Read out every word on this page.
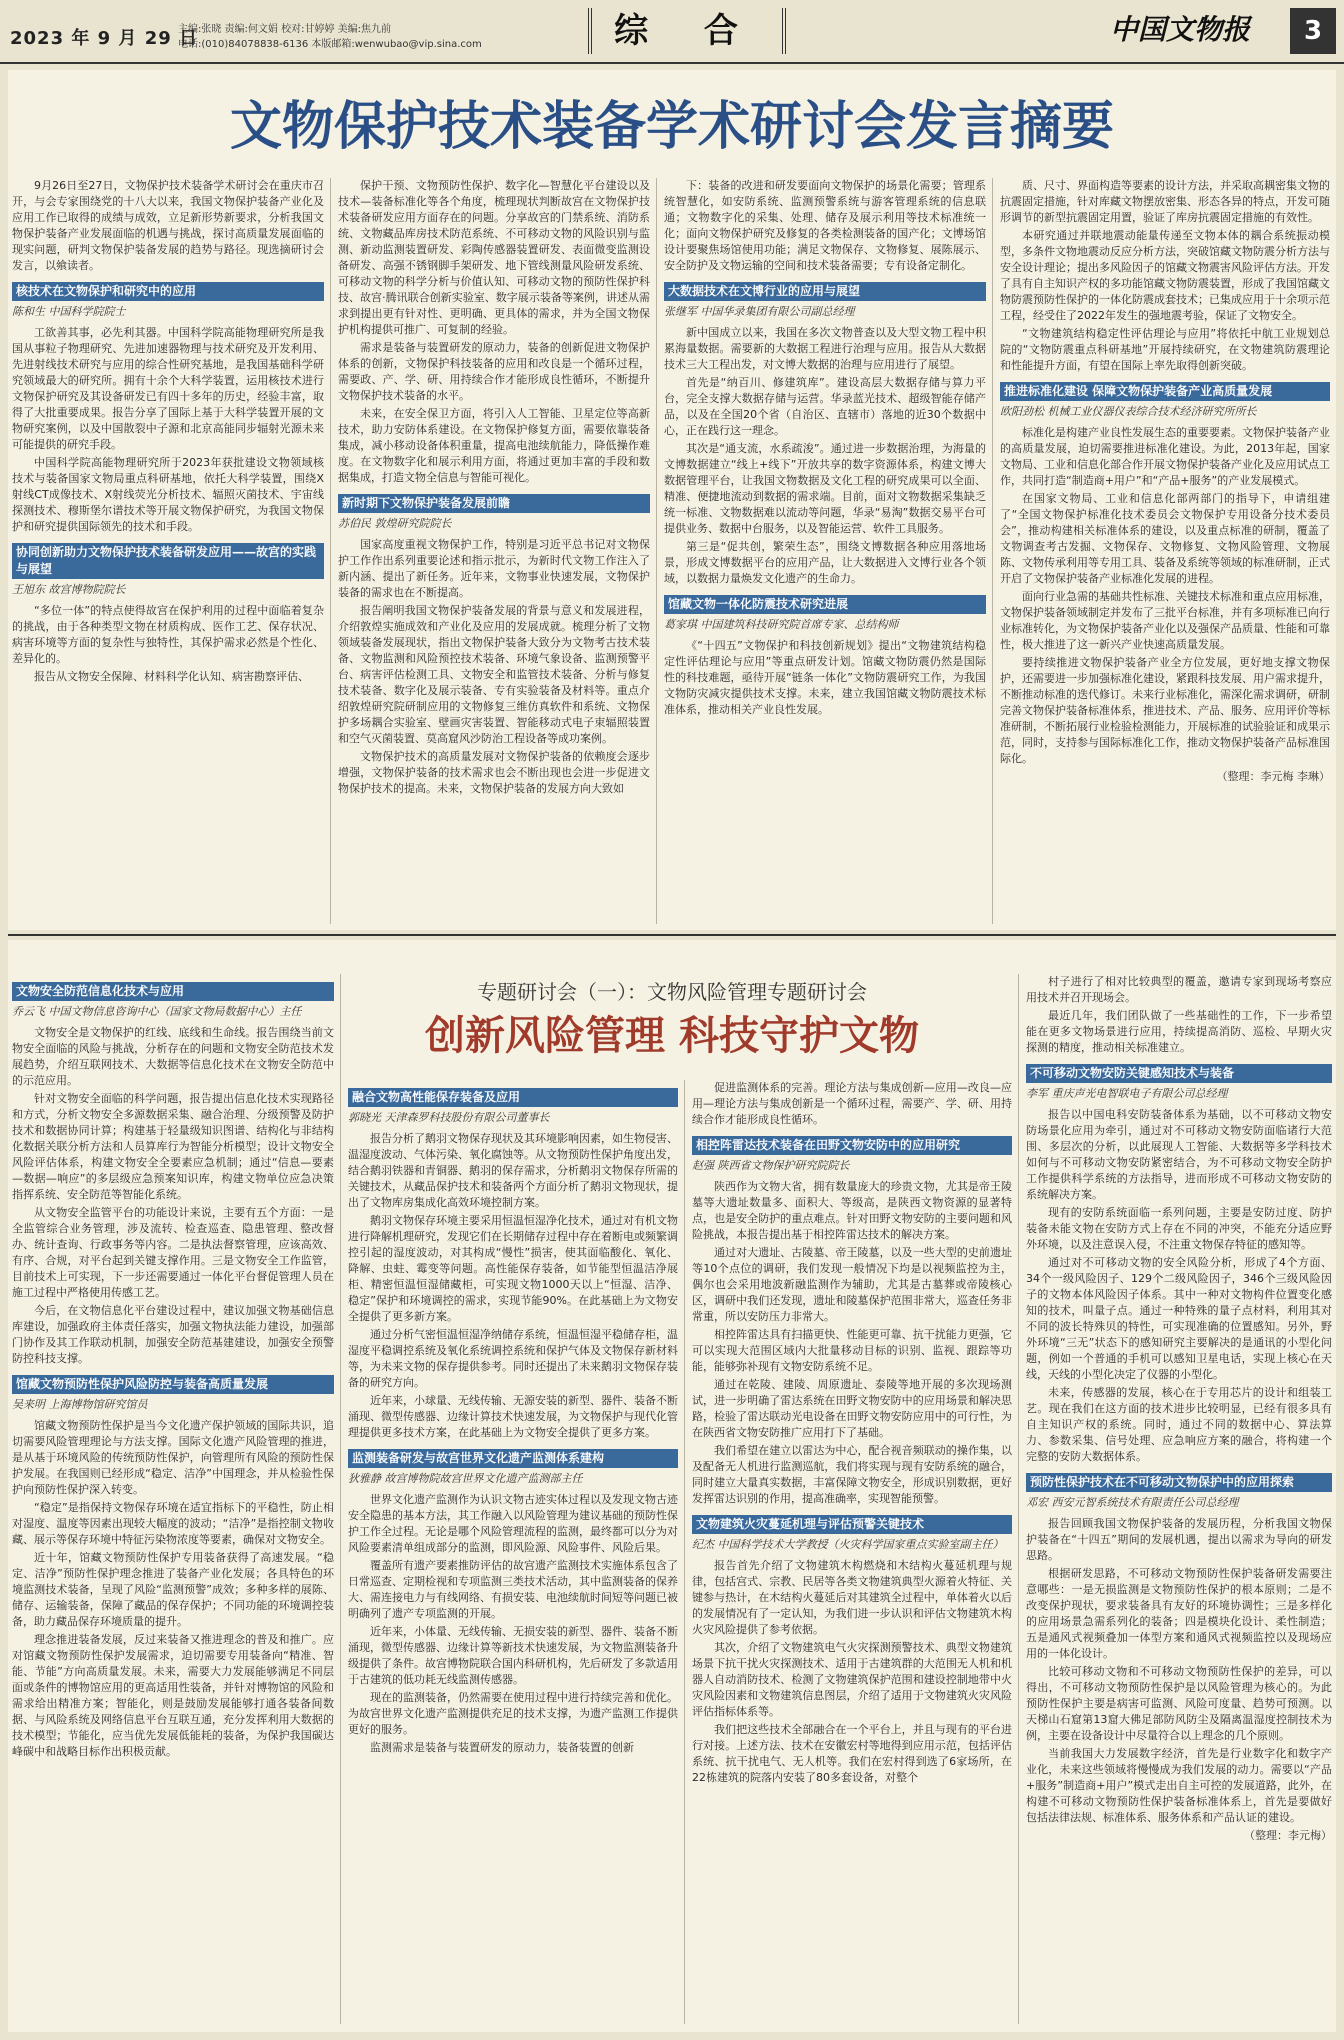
2023 年 9 月 29 日
主编:张晓 责编:何文娟 校对:甘婷婷 美编:焦九前
电话:(010)84078838-6136 本版邮箱:wenwubao@vip.sina.com	综 合	中国文物报	3
文物保护技术装备学术研讨会发言摘要

9月26日至27日，文物保护技术装备学术研讨会在重庆市召开，与会专家围绕党的十八大以来，我国文物保护装备产业化及应用工作已取得的成绩与成效，立足新形势新要求，分析我国文物保护装备产业发展面临的机遇与挑战，探讨高质量发展面临的现实问题，研判文物保护装备发展的趋势与路径。现选摘研讨会发言，以飨读者。

核技术在文物保护和研究中的应用
陈和生 中国科学院院士

工欲善其事，必先利其器。中国科学院高能物理研究所是我国从事粒子物理研究、先进加速器物理与技术研究及开发利用、先进射线技术研究与应用的综合性研究基地，是我国基础科学研究领域最大的研究所。拥有十余个大科学装置，运用核技术进行文物保护研究及其设备研发已有四十多年的历史，经验丰富，取得了大批重要成果。报告分享了国际上基于大科学装置开展的文物研究案例，以及中国散裂中子源和北京高能同步辐射光源未来可能提供的研究手段。

中国科学院高能物理研究所于2023年获批建设文物领域核技术与装备国家文物局重点科研基地，依托大科学装置，围绕X射线CT成像技术、X射线荧光分析技术、辐照灭菌技术、宇宙线探测技术、穆斯堡尔谱技术等开展文物保护研究，为我国文物保护和研究提供国际领先的技术和手段。

协同创新助力文物保护技术装备研发应用——故宫的实践与展望
王旭东 故宫博物院院长

“多位一体”的特点使得故宫在保护利用的过程中面临着复杂的挑战，由于各种类型文物在材质构成、医作工艺、保存状况、病害环境等方面的复杂性与独特性，其保护需求必然是个性化、差异化的。

报告从文物安全保障、材料科学化认知、病害勘察评估、

保护干预、文物预防性保护、数字化—智慧化平台建设以及技术—装备标准化等各个角度，梳理现状判断故宫在文物保护技术装备研发应用方面存在的问题。分享故宫的门禁系统、消防系统、文物藏品库房技术防范系统、不可移动文物的风险识别与监测、新动监测装置研发、彩陶传感器装置研发、表面微变监测设备研发、高强不锈钢脚手架研发、地下管线测量风险研发系统、可移动文物的科学分析与价值认知、可移动文物的预防性保护科技、故宫·腾讯联合创新实验室、数字展示装备等案例，讲述从需求到提出更有针对性、更明确、更具体的需求，并为全国文物保护机构提供可推广、可复制的经验。

需求是装备与装置研发的原动力，装备的创新促进文物保护体系的创新，文物保护科技装备的应用和改良是一个循环过程，需要政、产、学、研、用持续合作才能形成良性循环，不断提升文物保护技术装备的水平。

未来，在安全保卫方面，将引入人工智能、卫星定位等高新技术，助力安防体系建设。在文物保护修复方面，需要依靠装备集成，减小移动设备体积重量，提高电池续航能力，降低操作难度。在文物数字化和展示利用方面，将通过更加丰富的手段和数据集成，打造文物全信息与智能可视化。

新时期下文物保护装备发展前瞻
苏伯民 敦煌研究院院长

国家高度重视文物保护工作，特别是习近平总书记对文物保护工作作出系列重要论述和指示批示，为新时代文物工作注入了新内涵、提出了新任务。近年来，文物事业快速发展，文物保护装备的需求也在不断提高。

报告阐明我国文物保护装备发展的背景与意义和发展进程，介绍敦煌实施成效和产业化及应用的发展成就。梳理分析了文物领域装备发展现状，指出文物保护装备大致分为文物考古技术装备、文物监测和风险预控技术装备、环境气象设备、监测预警平台、病害评估检测工具、文物安全和监管技术装备、分析与修复技术装备、数字化及展示装备、专有实验装备及材料等。重点介绍敦煌研究院研制应用的文物修复三维仿真软件和系统、文物保护多场耦合实验室、壁画灾害装置、智能移动式电子束辐照装置和空气灭菌装置、莫高窟风沙防治工程设备等成功案例。

文物保护技术的高质量发展对文物保护装备的依赖度会逐步增强，文物保护装备的技术需求也会不断出现也会进一步促进文物保护技术的提高。未来，文物保护装备的发展方向大致如

下：装备的改进和研发要面向文物保护的场景化需要；管理系统智慧化，如安防系统、监测预警系统与游客管理系统的信息联通；文物数字化的采集、处理、储存及展示利用等技术标准统一化；面向文物保护研究及修复的各类检测装备的国产化；文博场馆设计要聚焦场馆使用功能；满足文物保存、文物修复、展陈展示、安全防护及文物运输的空间和技术装备需要；专有设备定制化。

大数据技术在文博行业的应用与展望
张继军 中国华录集团有限公司副总经理

新中国成立以来，我国在多次文物普查以及大型文物工程中积累海量数据。需要新的大数据工程进行治理与应用。报告从大数据技术三大工程出发，对文博大数据的治理与应用进行了展望。

首先是“纳百川、修建筑库”。建设高层大数据存储与算力平台，完全支撑大数据存储与运营。华录蓝光技术、超级智能存储产品，以及在全国20个省（自治区、直辖市）落地的近30个数据中心，正在践行这一理念。

其次是“通支流，水系疏浚”。通过进一步数据治理，为海量的文博数据建立“线上+线下”开放共享的数字资源体系，构建文博大数据管理平台，让我国文物数据及文化工程的研究成果可以全面、精准、便捷地流动到数据的需求端。目前，面对文物数据采集缺乏统一标准、文物数据难以流动等问题，华录“易淘”数据交易平台可提供业务、数据中台服务，以及智能运营、软件工具服务。

第三是“促共创，繁荣生态”，围绕文博数据各种应用落地场景，形成文博数据平台的应用产品，让大数据进入文博行业各个领域，以数据力量焕发文化遗产的生命力。

馆藏文物一体化防震技术研究进展
葛家琪 中国建筑科技研究院首席专家、总结构师

《“十四五”文物保护和科技创新规划》提出“文物建筑结构稳定性评估理论与应用”等重点研发计划。馆藏文物防震仍然是国际性的科技难题，亟待开展“链条一体化”文物防震研究工作，为我国文物防灾减灾提供技术支撑。未来，建立我国馆藏文物防震技术标准体系，推动相关产业良性发展。

质、尺寸、界面构造等要素的设计方法，并采取高耦密集文物的抗震固定措施，针对库藏文物摆放密集、形态各异的特点，开发可随形调节的新型抗震固定用置，验证了库房抗震固定措施的有效性。

本研究通过并联地震动能量传递至文物本体的耦合系统振动模型，多条件文物地震动反应分析方法，突破馆藏文物防震分析方法与安全设计理论；提出多风险因子的馆藏文物震害风险评估方法。开发了具有自主知识产权的多功能馆藏文物防震装置，形成了我国馆藏文物防震预防性保护的一体化防震成套技术；已集成应用于十余项示范工程，经受住了2022年发生的强地震考验，保证了文物安全。

“文物建筑结构稳定性评估理论与应用”将依托中航工业规划总院的“文物防震重点科研基地”开展持续研究，在文物建筑防震理论和性能提升方面，有望在国际上率先取得创新突破。

推进标准化建设 保障文物保护装备产业高质量发展
欧阳劲松 机械工业仪器仪表综合技术经济研究所所长

标准化是构建产业良性发展生态的重要要素。文物保护装备产业的高质量发展，迫切需要推进标准化建设。为此，2013年起，国家文物局、工业和信息化部合作开展文物保护装备产业化及应用试点工作，共同打造“制造商+用户”和“产品+服务”的产业发展模式。

在国家文物局、工业和信息化部两部门的指导下，申请组建了“全国文物保护标准化技术委员会文物保护专用设备分技术委员会”，推动构建相关标准体系的建设，以及重点标准的研制，覆盖了文物调查考古发掘、文物保存、文物修复、文物风险管理、文物展陈、文物传承利用等专用工具、装备及系统等领域的标准研制，正式开启了文物保护装备产业标准化发展的进程。

面向行业急需的基础共性标准、关键技术标准和重点应用标准，文物保护装备领域制定并发布了三批平台标准，并有多项标准已向行业标准转化，为文物保护装备产业化以及强保产品质量、性能和可靠性，极大推进了这一新兴产业快速高质量发展。

要持续推进文物保护装备产业全方位发展，更好地支撑文物保护，还需要进一步加强标准化建设，紧跟科技发展、用户需求提升，不断推动标准的迭代修订。未来行业标准化，需深化需求调研，研制完善文物保护装备标准体系，推进技术、产品、服务、应用评价等标准研制，不断拓展行业检验检测能力，开展标准的试验验证和成果示范，同时，支持参与国际标准化工作，推动文物保护装备产品标准国际化。

（整理：李元梅 李琳）
专题研讨会（一）：文物风险管理专题研讨会
创新风险管理 科技守护文物
文物安全防范信息化技术与应用
乔云飞 中国文物信息咨询中心（国家文物局数据中心）主任

文物安全是文物保护的红线、底线和生命线。报告围绕当前文物安全面临的风险与挑战，分析存在的问题和文物安全防范技术发展趋势，介绍互联网技术、大数据等信息化技术在文物安全防范中的示范应用。

针对文物安全面临的科学问题，报告提出信息化技术实现路径和方式，分析文物安全多源数据采集、融合治理、分级预警及防护技术和数据协同计算；构建基于轻量级知识图谱、结构化与非结构化数据关联分析方法和人员算库行为智能分析模型；设计文物安全风险评估体系，构建文物安全全要素应急机制；通过“信息—要素—数据—响应”的多层级应急预案知识库，构建文物单位应急决策指挥系统、安全防范等智能化系统。

从文物安全监管平台的功能设计来说，主要有五个方面：一是全监管综合业务管理，涉及流转、检查巡查、隐患管理、整改督办、统计查询、行政事务等内容。二是执法督察管理，应该高效、有序、合规，对平台起到关键支撑作用。三是文物安全工作监管，目前技术上可实现，下一步还需要通过一体化平台督促管理人员在施工过程中严格使用传感工艺。

今后，在文物信息化平台建设过程中，建议加强文物基础信息库建设，加强政府主体责任落实，加强文物执法能力建设，加强部门协作及其工作联动机制，加强安全防范基建建设，加强安全预警防控科技支撑。

馆藏文物预防性保护风险防控与装备高质量发展
吴来明 上海博物馆研究馆员

馆藏文物预防性保护是当今文化遗产保护领域的国际共识，追切需要风险管理理论与方法支撑。国际文化遗产风险管理的推进，是从基于环境风险的传统预防性保护，向管理所有风险的预防性保护发展。在我国则已经形成“稳定、洁净”中国理念，并从检验性保护向预防性保护深入转变。

“稳定”是指保持文物保存环境在适宜指标下的平稳性，防止相对湿度、温度等因素出现较大幅度的波动；“洁净”是指控制文物收藏、展示等保存环境中特征污染物浓度等要素，确保对文物安全。

近十年，馆藏文物预防性保护专用装备获得了高速发展。“稳定、洁净”预防性保护理念推进了装备产业化发展；各具特色的环境监测技术装备，呈现了风险“监测预警”成效；多种多样的展陈、储存、运输装备，保障了藏品的保存保护；不同功能的环境调控装备，助力藏品保存环境质量的提升。

理念推进装备发展，反过来装备又推进理念的普及和推广。应对馆藏文物预防性保护发展需求，迫切需要专用装备向“精准、智能、节能”方向高质量发展。未来，需要大力发展能够满足不同层面或条件的博物馆应用的更高适用性装备，并针对博物馆的风险和需求给出精准方案；智能化，则是鼓励发展能够打通各装备间数据、与风险系统及网络信息平台互联互通，充分发挥利用大数据的技术模型；节能化，应当优先发展低能耗的装备，为保护我国碳达峰碳中和战略目标作出积极贡献。

融合文物高性能保存装备及应用
郭晓光 天津森罗科技股份有限公司董事长

报告分析了鹅羽文物保存现状及其环境影响因素，如生物侵害、温湿度波动、气体污染、氧化腐蚀等。从文物预防性保护角度出发，结合鹅羽铁器和青铜器、鹅羽的保存需求，分析鹅羽文物保存所需的关键技术，从藏品保护技术和装备两个方面分析了鹅羽文物现状，提出了文物库房集成化高效环境控制方案。

鹅羽文物保存环境主要采用恒温恒湿净化技术，通过对有机文物进行降解机理研究，发现它们在长期储存过程中存在着断电或频繁调控引起的湿度波动，对其构成“慢性”损害，使其面临酸化、氧化、降解、虫蛀、霉变等问题。高性能保存装备，如节能型恒温洁净展柜、精密恒温恒湿储藏柜，可实现文物1000天以上“恒湿、洁净、稳定”保护和环境调控的需求，实现节能90%。在此基础上为文物安全提供了更多新方案。

通过分析气密恒温恒湿净纳储存系统，恒温恒湿平稳储存柜，温湿度平稳调控系统及氧化系统调控系统和保护气体及文物保存新材料等，为未来文物的保存提供参考。同时还提出了未来鹅羽文物保存装备的研究方向。

近年来，小球量、无线传输、无源安装的新型、器件、装备不断涌现、微型传感器、边缘计算技术快速发展，为文物保护与现代化管理提供更多技术方案，在此基础上为文物安全提供了更多方案。

监测装备研发与故宫世界文化遗产监测体系建构
狄雅静 故宫博物院故宫世界文化遗产监测部主任

世界文化遗产监测作为认识文物古迹实体过程以及发现文物古迹安全隐患的基本方法，其工作融入以风险管理为建议基础的预防性保护工作全过程。无论是哪个风险管理流程的监测，最终都可以分为对风险要素清单组成部分的监测，即风险源、风险事件、风险后果。

覆盖所有遗产要素推防评估的故宫遗产监测技术实施体系包含了日常巡查、定期检视和专项监测三类技术活动，其中监测装备的保养大、需连接电力与有线网络、有损安装、电池续航时间短等问题已被明确列了遗产专项监测的开展。

近年来，小体量、无线传输、无损安装的新型、器件、装备不断涌现，微型传感器、边缘计算等新技术快速发展，为文物监测装备升级提供了条件。故宫博物院联合国内科研机构，先后研发了多款适用于古建筑的低功耗无线监测传感器。

现在的监测装备，仍然需要在使用过程中进行持续完善和优化。为故宫世界文化遗产监测提供充足的技术支撑，为遗产监测工作提供更好的服务。

监测需求是装备与装置研发的原动力，装备装置的创新

促进监测体系的完善。理论方法与集成创新—应用—改良—应用—理论方法与集成创新是一个循环过程，需要产、学、研、用持续合作才能形成良性循环。

相控阵雷达技术装备在田野文物安防中的应用研究
赵强 陕西省文物保护研究院院长

陕西作为文物大省，拥有数量庞大的珍贵文物，尤其是帝王陵墓等大遗址数量多、面积大、等级高，是陕西文物资源的显著特点，也是安全防护的重点难点。针对田野文物安防的主要问题和风险挑战，本报告提出基于相控阵雷达技术的解决方案。

通过对大遗址、古陵墓、帝王陵墓，以及一些大型的史前遗址等10个点位的调研，我们发现一般情况下均是以视频监控为主，偶尔也会采用地波新融监测作为辅助，尤其是古墓葬或帝陵核心区，调研中我们还发现，遗址和陵墓保护范围非常大，巡查任务非常重，所以安防压力非常大。

相控阵雷达具有扫描更快、性能更可靠、抗干扰能力更强，它可以实现大范围区域内大批量移动目标的识别、监视、跟踪等功能，能够弥补现有文物安防系统不足。

通过在乾陵、建陵、周原遗址、泰陵等地开展的多次现场测试，进一步明确了雷达系统在田野文物安防中的应用场景和解决思路，检验了雷达联动光电设备在田野文物安防应用中的可行性，为在陕西省文物安防推广应用打下了基础。

我们希望在建立以雷达为中心，配合视音频联动的操作集，以及配备无人机进行监测巡航，我们将实现与现有安防系统的融合，同时建立大量真实数据，丰富保障文物安全，形成识别数据，更好发挥雷达识别的作用，提高准确率，实现智能预警。

文物建筑火灾蔓延机理与评估预警关键技术
纪杰 中国科学技术大学教授（火灾科学国家重点实验室副主任）

报告首先介绍了文物建筑木构燃烧和木结构火蔓延机理与规律，包括宫式、宗教、民居等各类文物建筑典型火源着火特征、关键参与热计，在木结构火蔓延后对其建筑全过程中，单体着火以后的发展情况有了一定认知，为我们进一步认识和评估文物建筑木构火灾风险提供了参考依据。

其次，介绍了文物建筑电气火灾探测预警技术、典型文物建筑场景下抗干扰火灾探测技术、适用于古建筑群的大范围无人机和机器人自动消防技术、检测了文物建筑保护范围和建设控制地带中火灾风险因素和文物建筑信息图层，介绍了适用于文物建筑火灾风险评估指标体系等。

我们把这些技术全部融合在一个平台上，并且与现有的平台进行对接。上述方法、技术在安徽宏村等地得到应用示范，包括评估系统、抗干扰电气、无人机等。我们在宏村得到选了6家场所，在22栋建筑的院落内安装了80多套设备，对整个

村子进行了相对比较典型的覆盖，邀请专家到现场考察应用技术并召开现场会。

最近几年，我们团队做了一些基础性的工作，下一步希望能在更多文物场景进行应用，持续提高消防、巡检、早期火灾探测的精度，推动相关标准建立。

不可移动文物安防关键感知技术与装备
李军 重庆声光电智联电子有限公司总经理

报告以中国电科安防装备体系为基础，以不可移动文物安防场景化应用为牵引，通过对不可移动文物安防面临诸行大范围、多层次的分析，以此展现人工智能、大数据等多学科技术如何与不可移动文物安防紧密结合，为不可移动文物安全防护工作提供科学系统的方法指导，进而形成不可移动文物安防的系统解决方案。

现有的安防系统面临一系列问题，主要是安防过度、防护装备未能文物在安防方式上存在不同的冲突，不能充分适应野外环境，以及注意误入侵，不注重文物保存特征的感知等。

通过对不可移动文物的安全风险分析，形成了4个方面、34个一级风险因子、129个二级风险因子，346个三级风险因子的文物本体风险因子体系。其中一种对文物构件位置变化感知的技术，叫量子点。通过一种特殊的量子点材料，利用其对不同的波长特殊贝的特性，可实现准确的位置感知。另外，野外环境“三无”状态下的感知研究主要解决的是通讯的小型化问题，例如一个普通的手机可以感知卫星电话，实现上核心在天线，天线的小型化决定了仪器的小型化。

未来，传感器的发展，核心在于专用芯片的设计和组装工艺。现在我们在这方面的技术进步比较明显，已经有很多具有自主知识产权的系统。同时，通过不同的数据中心、算法算力、参数采集、信号处理、应急响应方案的融合，将构建一个完整的安防大数据体系。

预防性保护技术在不可移动文物保护中的应用探索
邓宏 西安元智系统技术有限责任公司总经理

报告回顾我国文物保护装备的发展历程，分析我国文物保护装备在“十四五”期间的发展机遇，提出以需求为导向的研发思路。

根据研发思路，不可移动文物预防性保护装备研发需要注意哪些：一是无损监测是文物预防性保护的根本原则；二是不改变保护现状，要求装备具有友好的环境协调性；三是多样化的应用场景急需系列化的装备；四是模块化设计、柔性制造；五是通风式视频叠加一体型方案和通风式视频监控以及现场应用的一体化设计。

比较可移动文物和不可移动文物预防性保护的差异，可以得出，不可移动文物预防性保护是以风险管理为核心的。为此预防性保护主要是病害可监测、风险可度量、趋势可预测。以天梯山石窟第13窟大佛足部防风防尘及隔离温湿度控制技术为例，主要在设备设计中尽量符合以上理念的几个原则。

当前我国大力发展数字经济，首先是行业数字化和数字产业化，未来这些领域将慢慢成为我们发展的动力。需要以“产品+服务”制造商+用户”模式走出自主可控的发展道路，此外，在构建不可移动文物预防性保护装备标准体系上，首先是要做好包括法律法规、标准体系、服务体系和产品认证的建设。

（整理：李元梅）
